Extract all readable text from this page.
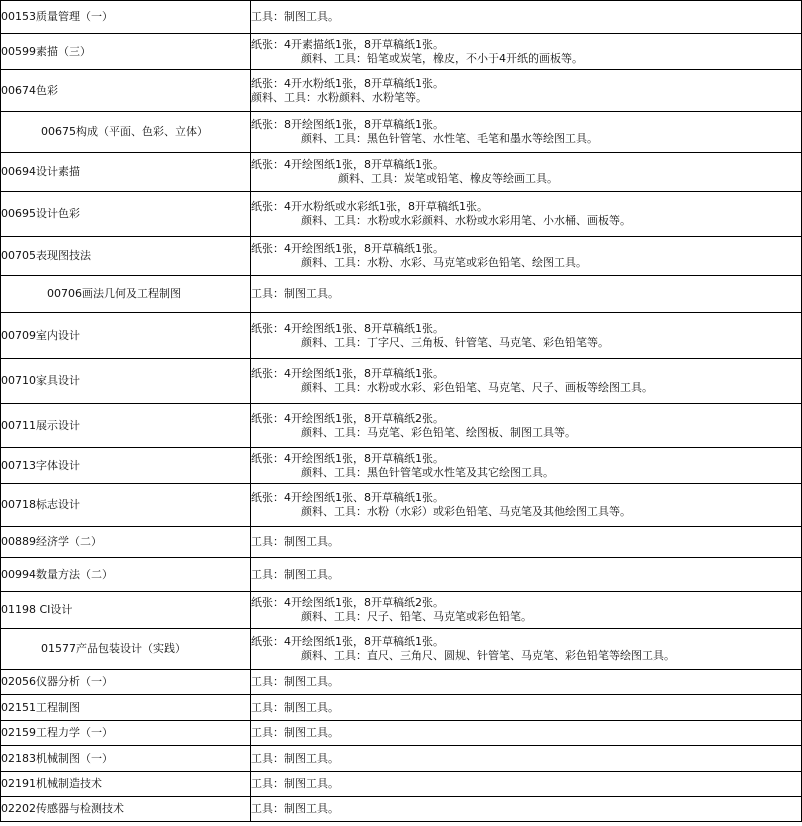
00153质量管理（一）	工具：制图工具。

00599素描（三）	纸张：4开素描纸1张，8开草稿纸1张。
颜料、工具：铅笔或炭笔，橡皮，不小于4开纸的画板等。

00674色彩	纸张：4开水粉纸1张，8开草稿纸1张。
颜料、工具：水粉颜料、水粉笔等。

00675构成（平面、色彩、立体）	纸张：8开绘图纸1张，8开草稿纸1张。
颜料、工具：黑色针管笔、水性笔、毛笔和墨水等绘图工具。

00694设计素描	纸张：4开绘图纸1张，8开草稿纸1张。
颜料、工具：炭笔或铅笔、橡皮等绘画工具。

00695设计色彩	纸张：4开水粉纸或水彩纸1张，8开草稿纸1张。
颜料、工具：水粉或水彩颜料、水粉或水彩用笔、小水桶、画板等。

00705表现图技法	纸张：4开绘图纸1张，8开草稿纸1张。
颜料、工具：水粉、水彩、马克笔或彩色铅笔、绘图工具。

00706画法几何及工程制图	工具：制图工具。

00709室内设计	纸张：4开绘图纸1张、8开草稿纸1张。
颜料、工具：丁字尺、三角板、针管笔、马克笔、彩色铅笔等。

00710家具设计	纸张：4开绘图纸1张，8开草稿纸1张。
颜料、工具：水粉或水彩、彩色铅笔、马克笔、尺子、画板等绘图工具。

00711展示设计	纸张：4开绘图纸1张，8开草稿纸2张。
颜料、工具：马克笔、彩色铅笔、绘图板、制图工具等。

00713字体设计	纸张：4开绘图纸1张，8开草稿纸1张。
颜料、工具：黑色针管笔或水性笔及其它绘图工具。

00718标志设计	纸张：4开绘图纸1张、8开草稿纸1张。
颜料、工具：水粉（水彩）或彩色铅笔、马克笔及其他绘图工具等。

00889经济学（二）	工具：制图工具。

00994数量方法（二）	工具：制图工具。

01198 CI设计	纸张：4开绘图纸1张，8开草稿纸2张。
颜料、工具：尺子、铅笔、马克笔或彩色铅笔。

01577产品包装设计（实践）	纸张：4开绘图纸1张，8开草稿纸1张。
颜料、工具：直尺、三角尺、圆规、针管笔、马克笔、彩色铅笔等绘图工具。

02056仪器分析（一）	工具：制图工具。

02151工程制图	工具：制图工具。

02159工程力学（一）	工具：制图工具。

02183机械制图（一）	工具：制图工具。

02191机械制造技术	工具：制图工具。

02202传感器与检测技术	工具：制图工具。
